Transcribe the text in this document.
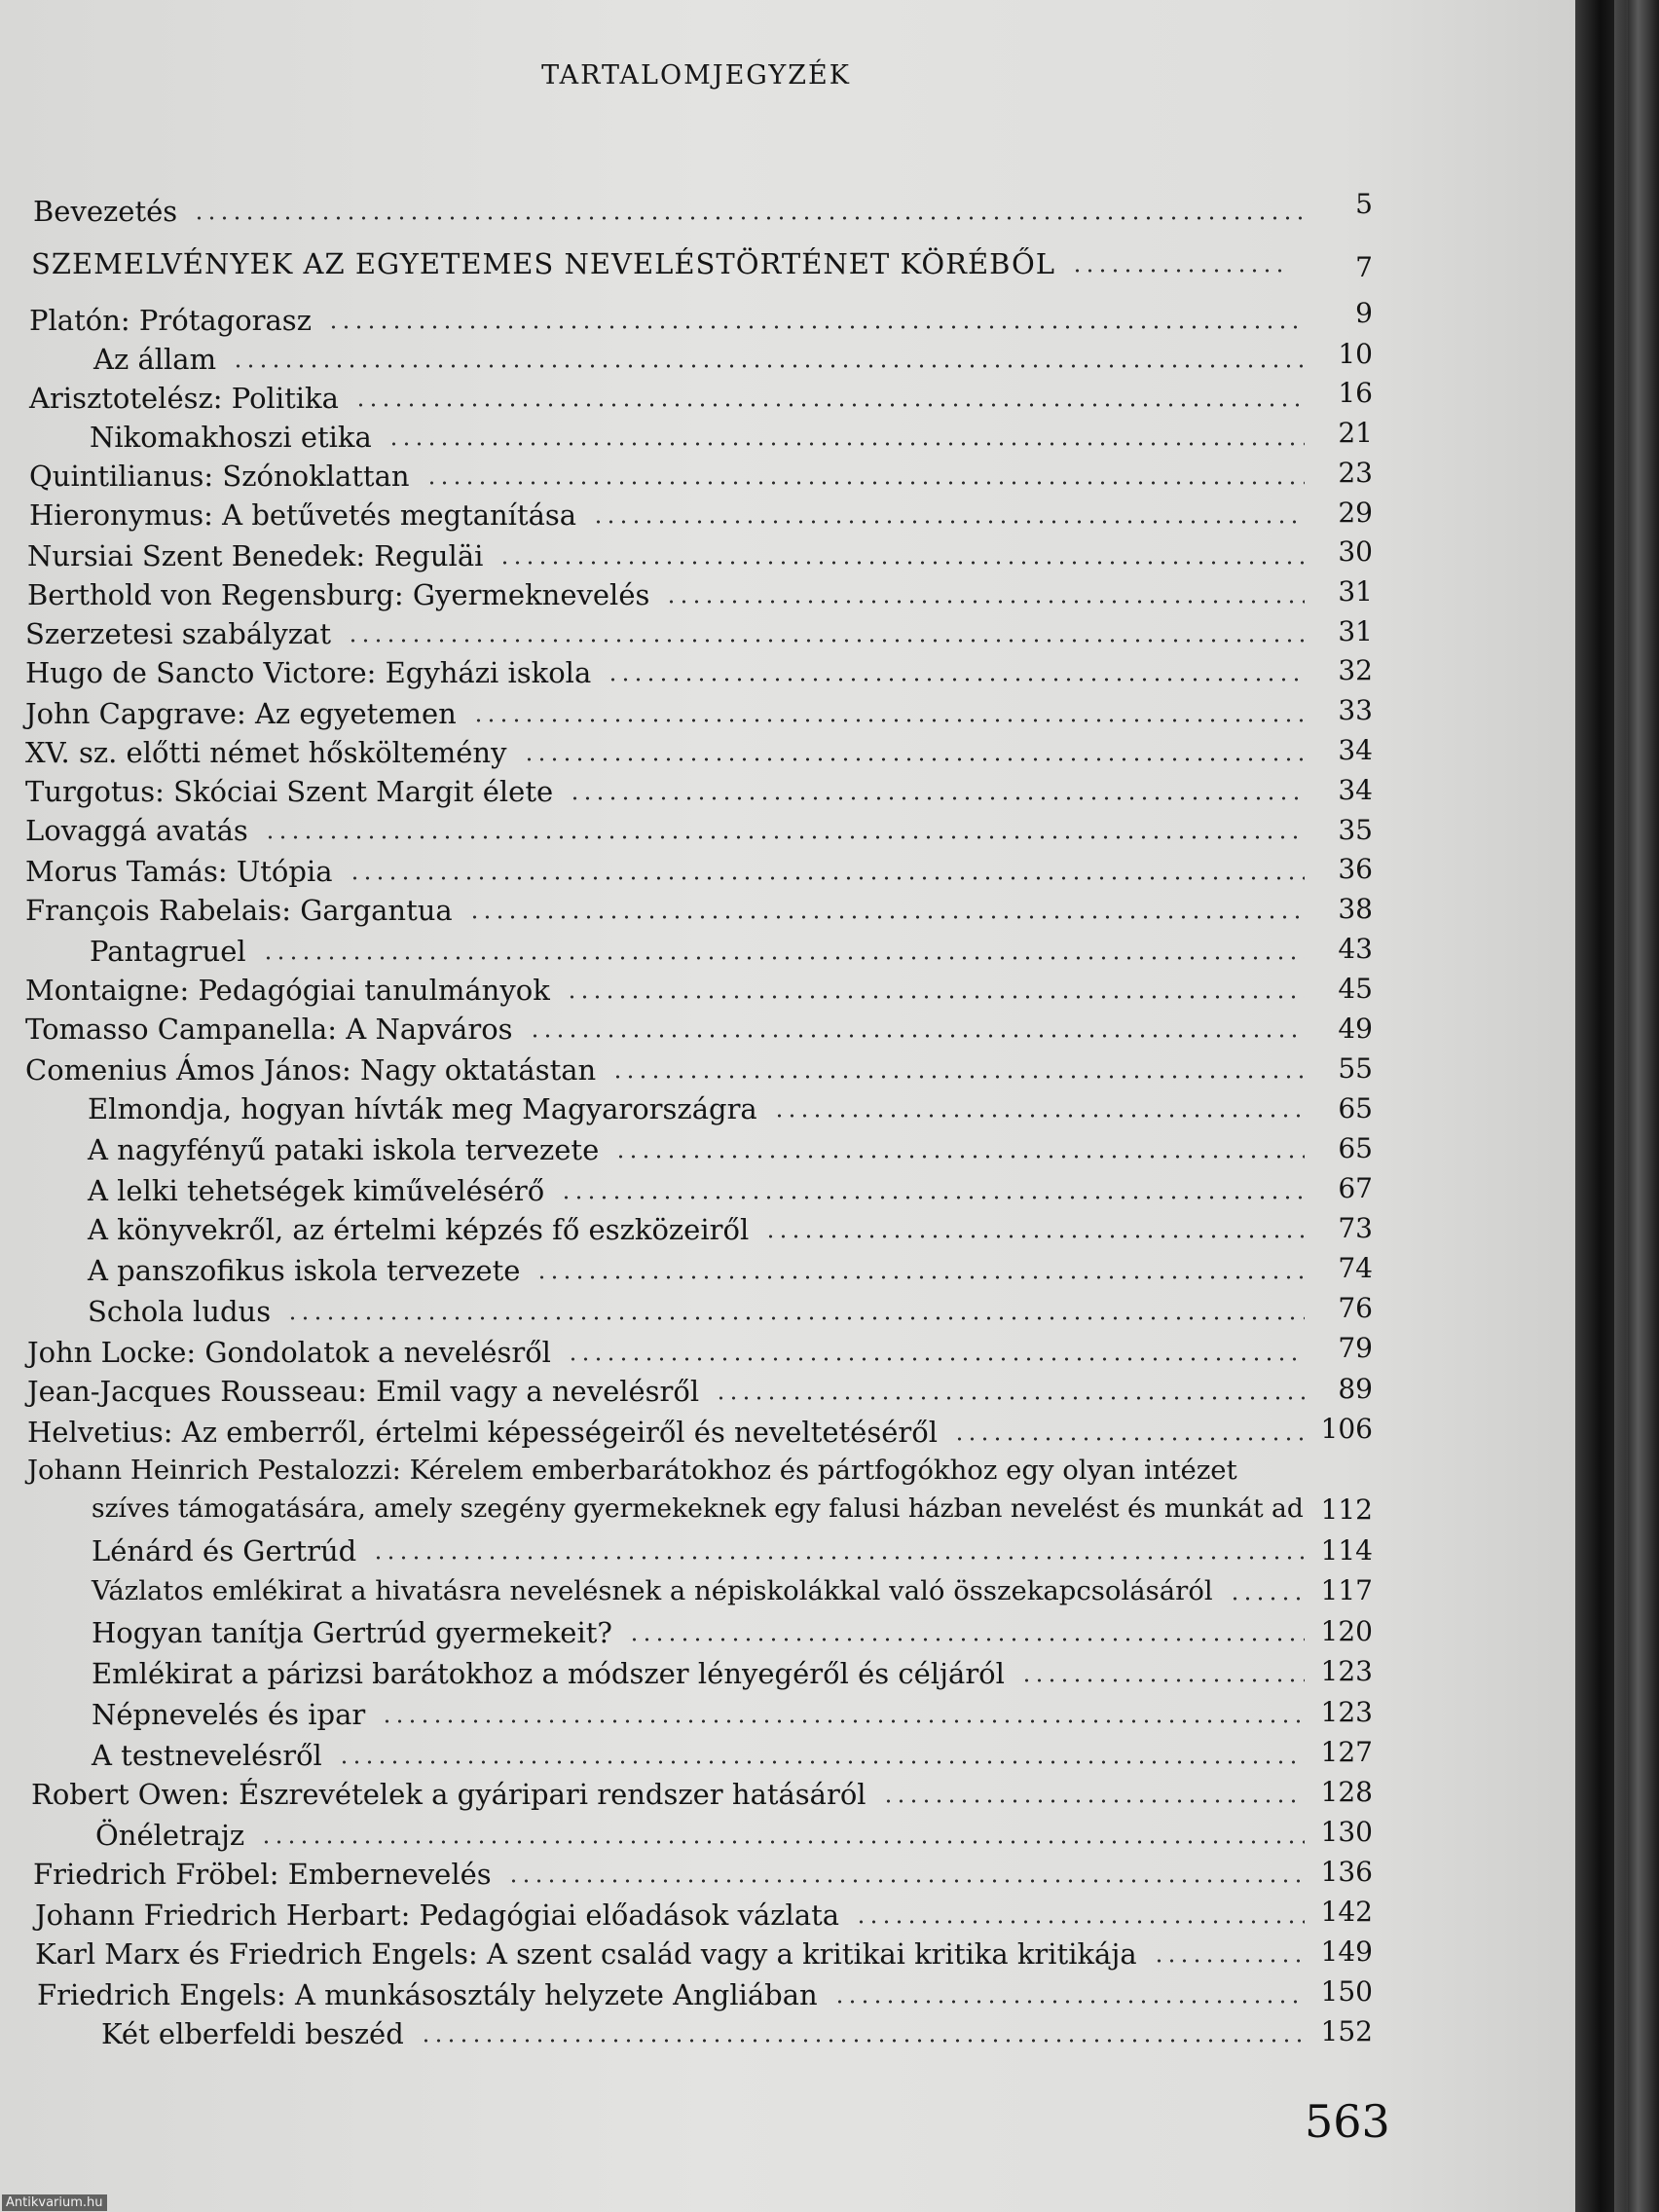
TARTALOMJEGYZÉK
Bevezetés	5
SZEMELVÉNYEK AZ EGYETEMES NEVELÉSTÖRTÉNET KÖRÉBŐL	7
Platón: Prótagorasz	9
Az állam	10
Arisztotelész: Politika	16
Nikomakhoszi etika	21
Quintilianus: Szónoklattan	23
Hieronymus: A betűvetés megtanítása	29
Nursiai Szent Benedek: Reguläi	30
Berthold von Regensburg: Gyermeknevelés	31
Szerzetesi szabályzat	31
Hugo de Sancto Victore: Egyházi iskola	32
John Capgrave: Az egyetemen	33
XV. sz. előtti német hősköltemény	34
Turgotus: Skóciai Szent Margit élete	34
Lovaggá avatás	35
Morus Tamás: Utópia	36
François Rabelais: Gargantua	38
Pantagruel	43
Montaigne: Pedagógiai tanulmányok	45
Tomasso Campanella: A Napváros	49
Comenius Ámos János: Nagy oktatástan	55
Elmondja, hogyan hívták meg Magyarországra	65
A nagyfényű pataki iskola tervezete	65
A lelki tehetségek kiművelésérő	67
A könyvekről, az értelmi képzés fő eszközeiről	73
A panszofikus iskola tervezete	74
Schola ludus	76
John Locke: Gondolatok a nevelésről	79
Jean-Jacques Rousseau: Emil vagy a nevelésről	89
Helvetius: Az emberről, értelmi képességeiről és neveltetéséről	106
Johann Heinrich Pestalozzi: Kérelem emberbarátokhoz és pártfogókhoz egy olyan intézet
szíves támogatására, amely szegény gyermekeknek egy falusi házban nevelést és munkát ad 112
Lénárd és Gertrúd	114
Vázlatos emlékirat a hivatásra nevelésnek a népiskolákkal való összekapcsolásáról	117
Hogyan tanítja Gertrúd gyermekeit?	120
Emlékirat a párizsi barátokhoz a módszer lényegéről és céljáról	123
Népnevelés és ipar	123
A testnevelésről	127
Robert Owen: Észrevételek a gyáripari rendszer hatásáról	128
Önéletrajz	130
Friedrich Fröbel: Embernevelés	136
Johann Friedrich Herbart: Pedagógiai előadások vázlata	142
Karl Marx és Friedrich Engels: A szent család vagy a kritikai kritika kritikája	149
Friedrich Engels: A munkásosztály helyzete Angliában	150
Két elberfeldi beszéd	152
563
Antikvarium.hu
